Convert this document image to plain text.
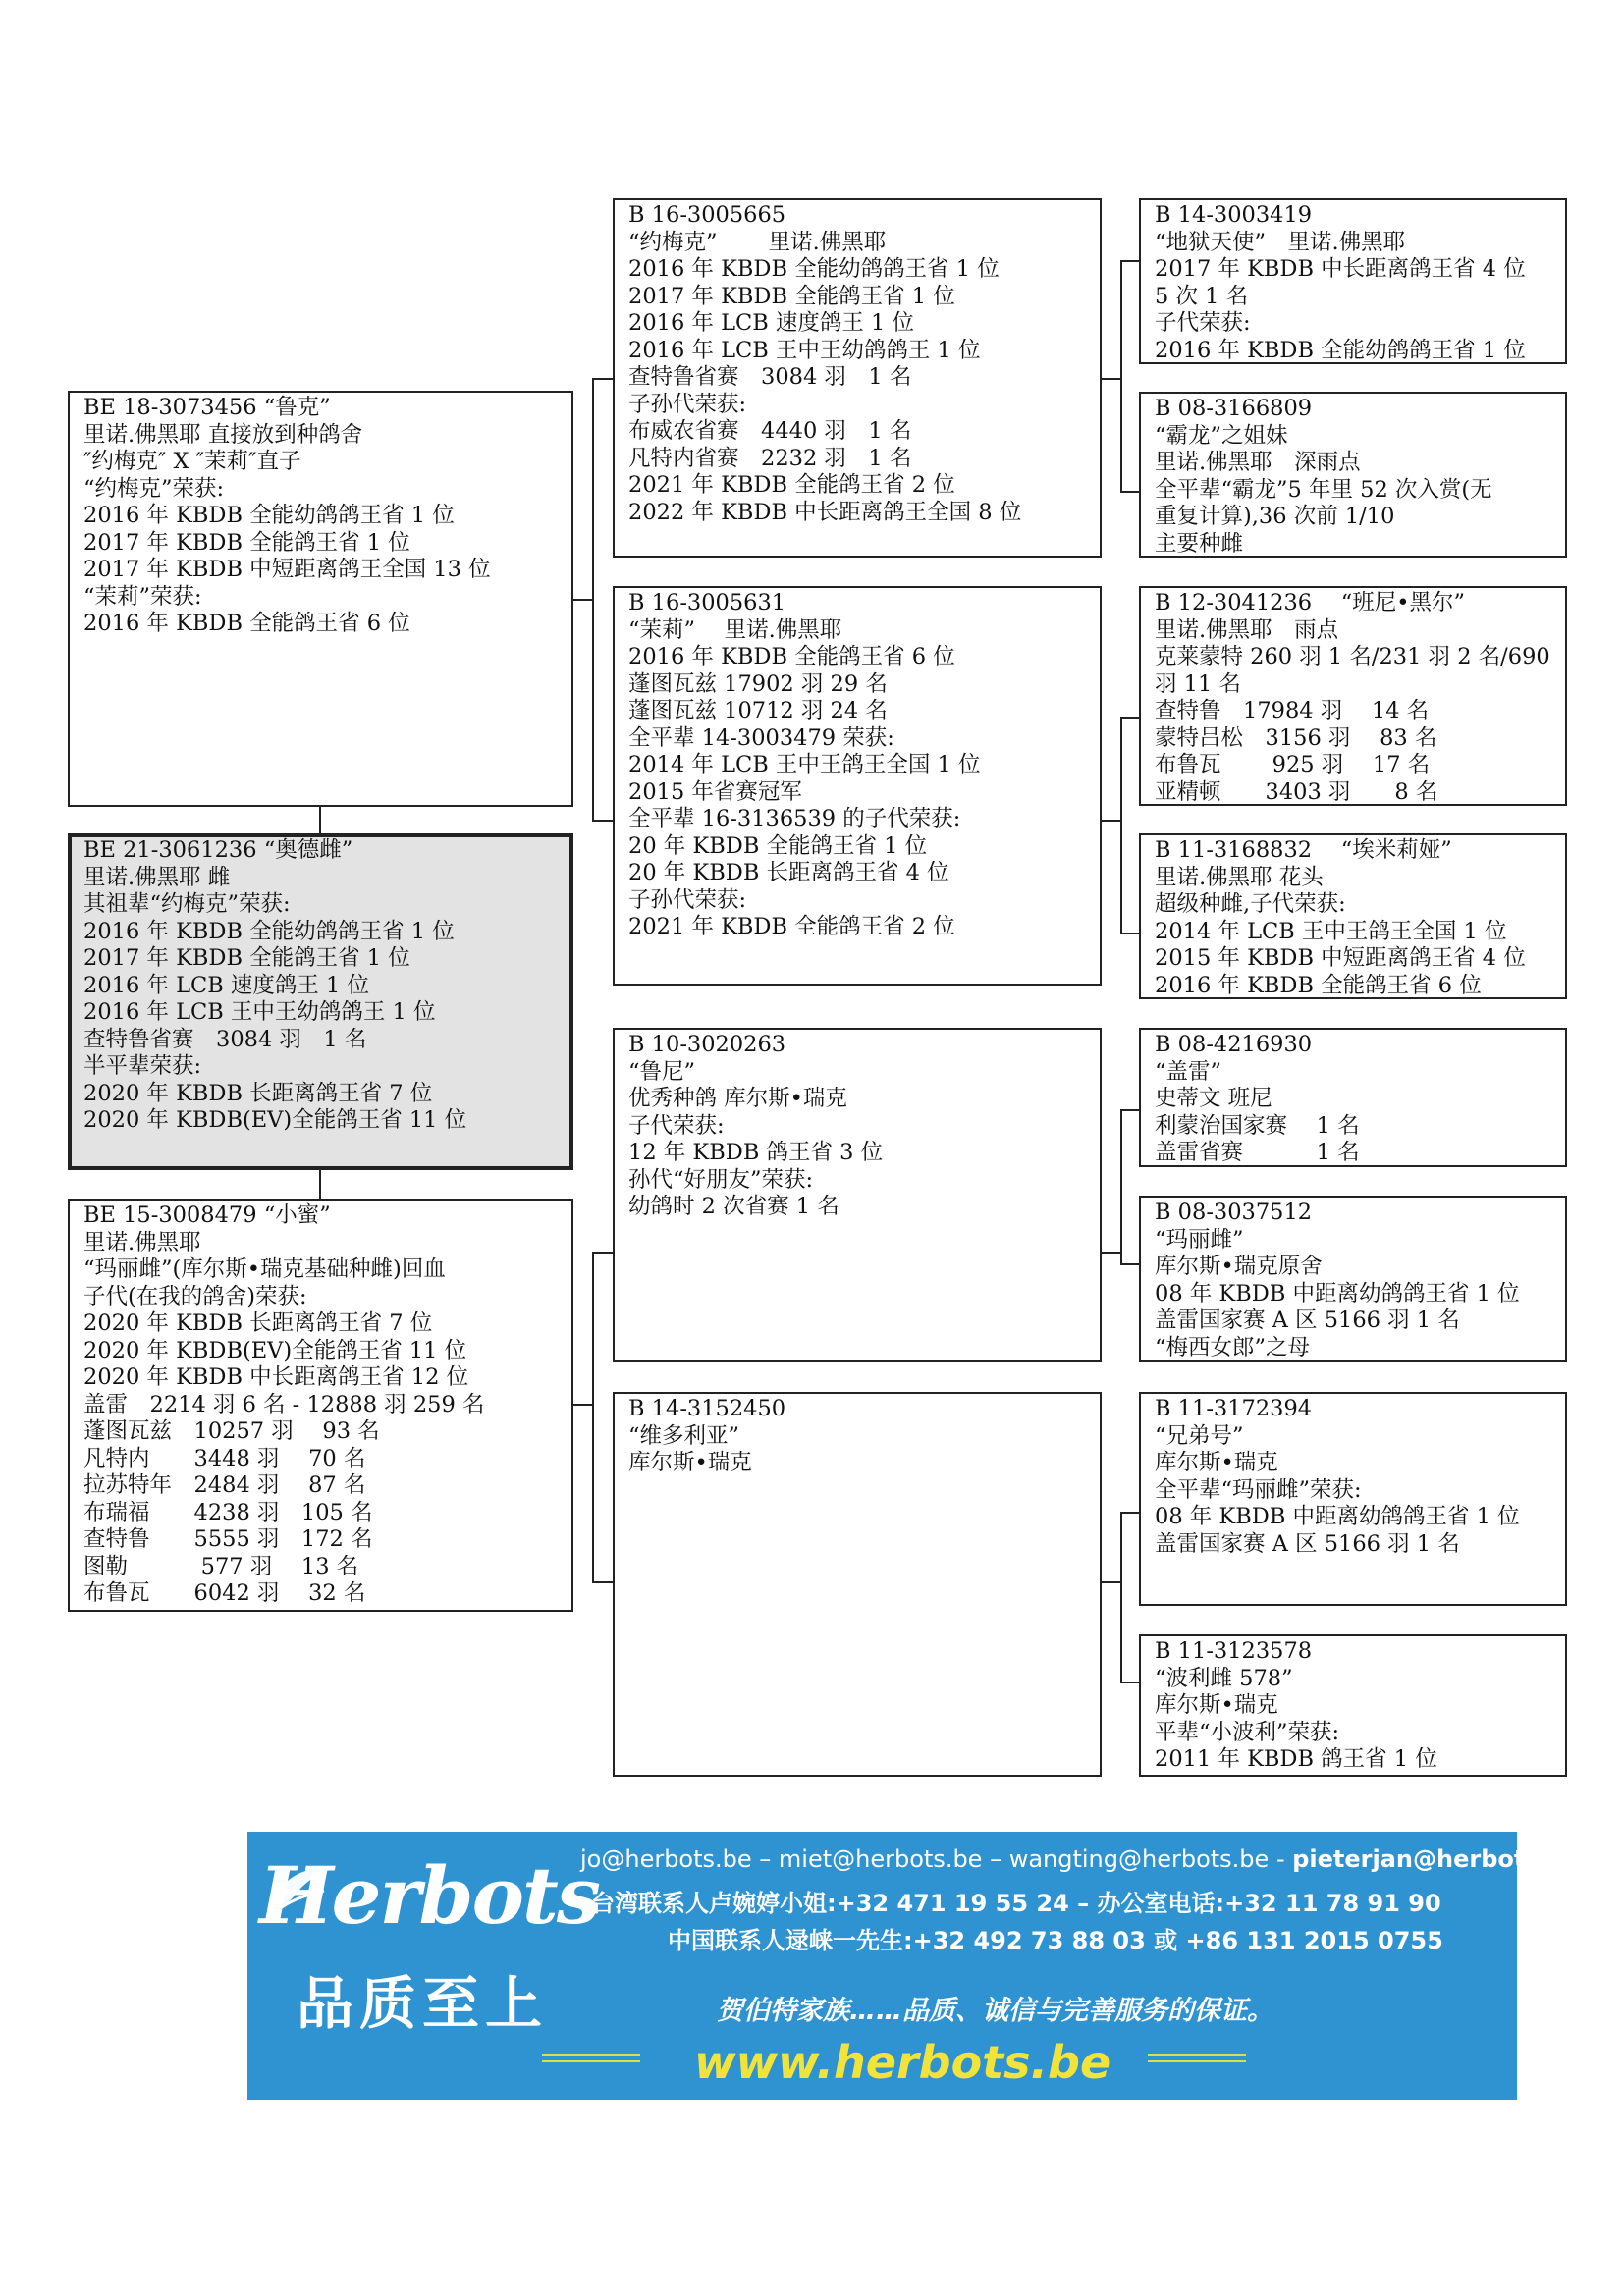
BE 18-3073456 “鲁克”
里诺.佛黑耶 直接放到种鸽舍
″约梅克″ X ″茉莉″直子
“约梅克”荣获:
2016 年 KBDB 全能幼鸽鸽王省 1 位
2017 年 KBDB 全能鸽王省 1 位
2017 年 KBDB 中短距离鸽王全国 13 位
“茉莉”荣获:
2016 年 KBDB 全能鸽王省 6 位
BE 21-3061236 “奥德雌”
里诺.佛黑耶 雌
其祖辈“约梅克”荣获:
2016 年 KBDB 全能幼鸽鸽王省 1 位
2017 年 KBDB 全能鸽王省 1 位
2016 年 LCB 速度鸽王 1 位
2016 年 LCB 王中王幼鸽鸽王 1 位
查特鲁省赛　3084 羽　1 名
半平辈荣获:
2020 年 KBDB 长距离鸽王省 7 位
2020 年 KBDB(EV)全能鸽王省 11 位
BE 15-3008479 “小蜜”
里诺.佛黑耶
“玛丽雌”(库尔斯•瑞克基础种雌)回血
子代(在我的鸽舍)荣获:
2020 年 KBDB 长距离鸽王省 7 位
2020 年 KBDB(EV)全能鸽王省 11 位
2020 年 KBDB 中长距离鸽王省 12 位
盖雷　2214 羽 6 名 - 12888 羽 259 名
蓬图瓦兹　10257 羽　 93 名
凡特内　　3448 羽　 70 名
拉苏特年　2484 羽　 87 名
布瑞福　　4238 羽　105 名
查特鲁　　5555 羽　172 名
图勒　　　 577 羽　 13 名
布鲁瓦　　6042 羽　 32 名
B 16-3005665
“约梅克”　　 里诺.佛黑耶
2016 年 KBDB 全能幼鸽鸽王省 1 位
2017 年 KBDB 全能鸽王省 1 位
2016 年 LCB 速度鸽王 1 位
2016 年 LCB 王中王幼鸽鸽王 1 位
查特鲁省赛　3084 羽　1 名
子孙代荣获:
布威农省赛　4440 羽　1 名
凡特内省赛　2232 羽　1 名
2021 年 KBDB 全能鸽王省 2 位
2022 年 KBDB 中长距离鸽王全国 8 位
B 16-3005631
“茉莉”　 里诺.佛黑耶
2016 年 KBDB 全能鸽王省 6 位
蓬图瓦兹 17902 羽 29 名
蓬图瓦兹 10712 羽 24 名
全平辈 14-3003479 荣获:
2014 年 LCB 王中王鸽王全国 1 位
2015 年省赛冠军
全平辈 16-3136539 的子代荣获:
20 年 KBDB 全能鸽王省 1 位
20 年 KBDB 长距离鸽王省 4 位
子孙代荣获:
2021 年 KBDB 全能鸽王省 2 位
B 10-3020263
“鲁尼”
优秀种鸽 库尔斯•瑞克
子代荣获:
12 年 KBDB 鸽王省 3 位
孙代“好朋友”荣获:
幼鸽时 2 次省赛 1 名
B 14-3152450
“维多利亚”
库尔斯•瑞克
B 14-3003419
“地狱天使”　里诺.佛黑耶
2017 年 KBDB 中长距离鸽王省 4 位
5 次 1 名
子代荣获:
2016 年 KBDB 全能幼鸽鸽王省 1 位
B 08-3166809
“霸龙”之姐妹
里诺.佛黑耶　深雨点
全平辈“霸龙”5 年里 52 次入赏(无
重复计算),36 次前 1/10
主要种雌
B 12-3041236　 “班尼•黑尔”
里诺.佛黑耶　雨点
克莱蒙特 260 羽 1 名/231 羽 2 名/690
羽 11 名
查特鲁　17984 羽　 14 名
蒙特吕松　3156 羽　 83 名
布鲁瓦　　 925 羽　 17 名
亚精顿　　3403 羽　　8 名
B 11-3168832　 “埃米莉娅”
里诺.佛黑耶 花头
超级种雌,子代荣获:
2014 年 LCB 王中王鸽王全国 1 位
2015 年 KBDB 中短距离鸽王省 4 位
2016 年 KBDB 全能鸽王省 6 位
B 08-4216930
“盖雷”
史蒂文 班尼
利蒙治国家赛　 1 名
盖雷省赛　　　 1 名
B 08-3037512
“玛丽雌”
库尔斯•瑞克原舍
08 年 KBDB 中距离幼鸽鸽王省 1 位
盖雷国家赛 A 区 5166 羽 1 名
“梅西女郎”之母
B 11-3172394
“兄弟号”
库尔斯•瑞克
全平辈“玛丽雌”荣获:
08 年 KBDB 中距离幼鸽鸽王省 1 位
盖雷国家赛 A 区 5166 羽 1 名
B 11-3123578
“波利雌 578”
库尔斯•瑞克
平辈“小波利”荣获:
2011 年 KBDB 鸽王省 1 位
Herbots
品质至上
jo@herbots.be – miet@herbots.be – wangting@herbots.be - pieterjan@herbots.be
台湾联系人卢婉婷小姐:+32 471 19 55 24 – 办公室电话:+32 11 78 91 90
中国联系人逯崃一先生:+32 492 73 88 03 或 +86 131 2015 0755
贺伯特家族……品质、诚信与完善服务的保证。
www.herbots.be
